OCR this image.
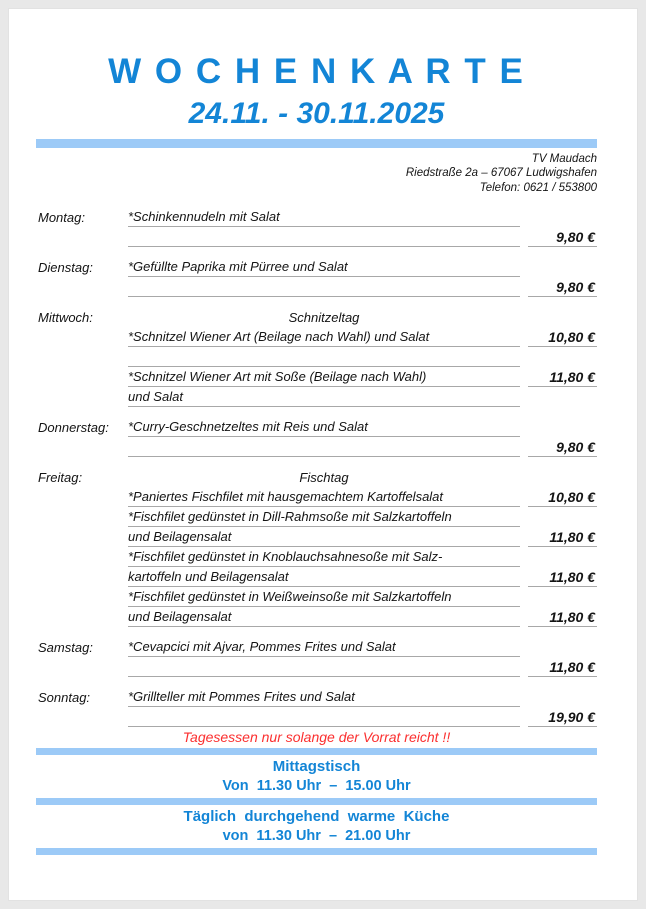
W O C H E N K A R T E
24.11. - 30.11.2025
TV Maudach
Riedstraße 2a – 67067 Ludwigshafen
Telefon: 0621 / 553800
Montag:	*Schinkennudeln mit Salat
9,80 €
Dienstag:	*Gefüllte Paprika mit Pürree und Salat
9,80 €
Mittwoch:	Schnitzeltag
*Schnitzel Wiener Art (Beilage nach Wahl) und Salat	10,80 €
*Schnitzel Wiener Art mit Soße (Beilage nach Wahl)	11,80 €
und Salat
Donnerstag:	*Curry-Geschnetzeltes mit Reis und Salat
9,80 €
Freitag:	Fischtag
*Paniertes Fischfilet mit hausgemachtem Kartoffelsalat	10,80 €
*Fischfilet gedünstet in Dill-Rahmsoße mit Salzkartoffeln
und Beilagensalat	11,80 €
*Fischfilet gedünstet in Knoblauchsahnesoße mit Salz-
kartoffeln und Beilagensalat	11,80 €
*Fischfilet gedünstet in Weißweinsoße mit Salzkartoffeln
und Beilagensalat	11,80 €
Samstag:	*Cevapcici mit Ajvar, Pommes Frites und Salat
11,80 €
Sonntag:	*Grillteller mit Pommes Frites und Salat
19,90 €
Tagesessen nur solange der Vorrat reicht !!
Mittagstisch
Von  11.30 Uhr  –  15.00 Uhr
Täglich  durchgehend  warme  Küche
von  11.30 Uhr  –  21.00 Uhr
